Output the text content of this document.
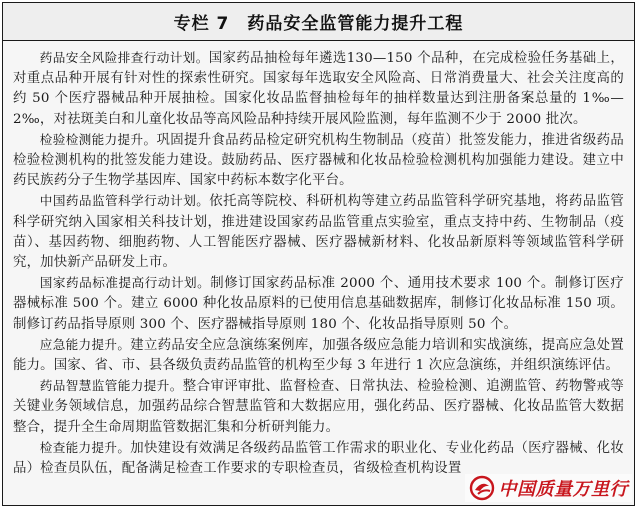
专栏 7　药品安全监管能力提升工程

药品安全风险排查行动计划。国家药品抽检每年遴选130—150 个品种，在完成检验任务基础上，对重点品种开展有针对性的探索性研究。国家每年选取安全风险高、日常消费量大、社会关注度高的约 50 个医疗器械品种开展抽检。国家化妆品监督抽检每年的抽样数量达到注册备案总量的 1‰—2‰，对祛斑美白和儿童化妆品等高风险品种持续开展风险监测，每年监测不少于 2000 批次。

检验检测能力提升。巩固提升食品药品检定研究机构生物制品（疫苗）批签发能力，推进省级药品检验检测机构的批签发能力建设。鼓励药品、医疗器械和化妆品检验检测机构加强能力建设。建立中药民族药分子生物学基因库、国家中药标本数字化平台。

中国药品监管科学行动计划。依托高等院校、科研机构等建立药品监管科学研究基地，将药品监管科学研究纳入国家相关科技计划，推进建设国家药品监管重点实验室，重点支持中药、生物制品（疫苗）、基因药物、细胞药物、人工智能医疗器械、医疗器械新材料、化妆品新原料等领域监管科学研究，加快新产品研发上市。

国家药品标准提高行动计划。制修订国家药品标准 2000 个、通用技术要求 100 个。制修订医疗器械标准 500 个。建立 6000 种化妆品原料的已使用信息基础数据库，制修订化妆品标准 150 项。制修订药品指导原则 300 个、医疗器械指导原则 180 个、化妆品指导原则 50 个。

应急能力提升。建立药品安全应急演练案例库，加强各级应急能力培训和实战演练，提高应急处置能力。国家、省、市、县各级负责药品监管的机构至少每 3 年进行 1 次应急演练，并组织演练评估。

药品智慧监管能力提升。整合审评审批、监督检查、日常执法、检验检测、追溯监管、药物警戒等关键业务领域信息，加强药品综合智慧监管和大数据应用，强化药品、医疗器械、化妆品监管大数据整合，提升全生命周期监管数据汇集和分析研判能力。

检查能力提升。加快建设有效满足各级药品监管工作需求的职业化、专业化药品（医疗器械、化妆品）检查员队伍，配备满足检查工作要求的专职检查员，省级检查机构设置

中国质量万里行
